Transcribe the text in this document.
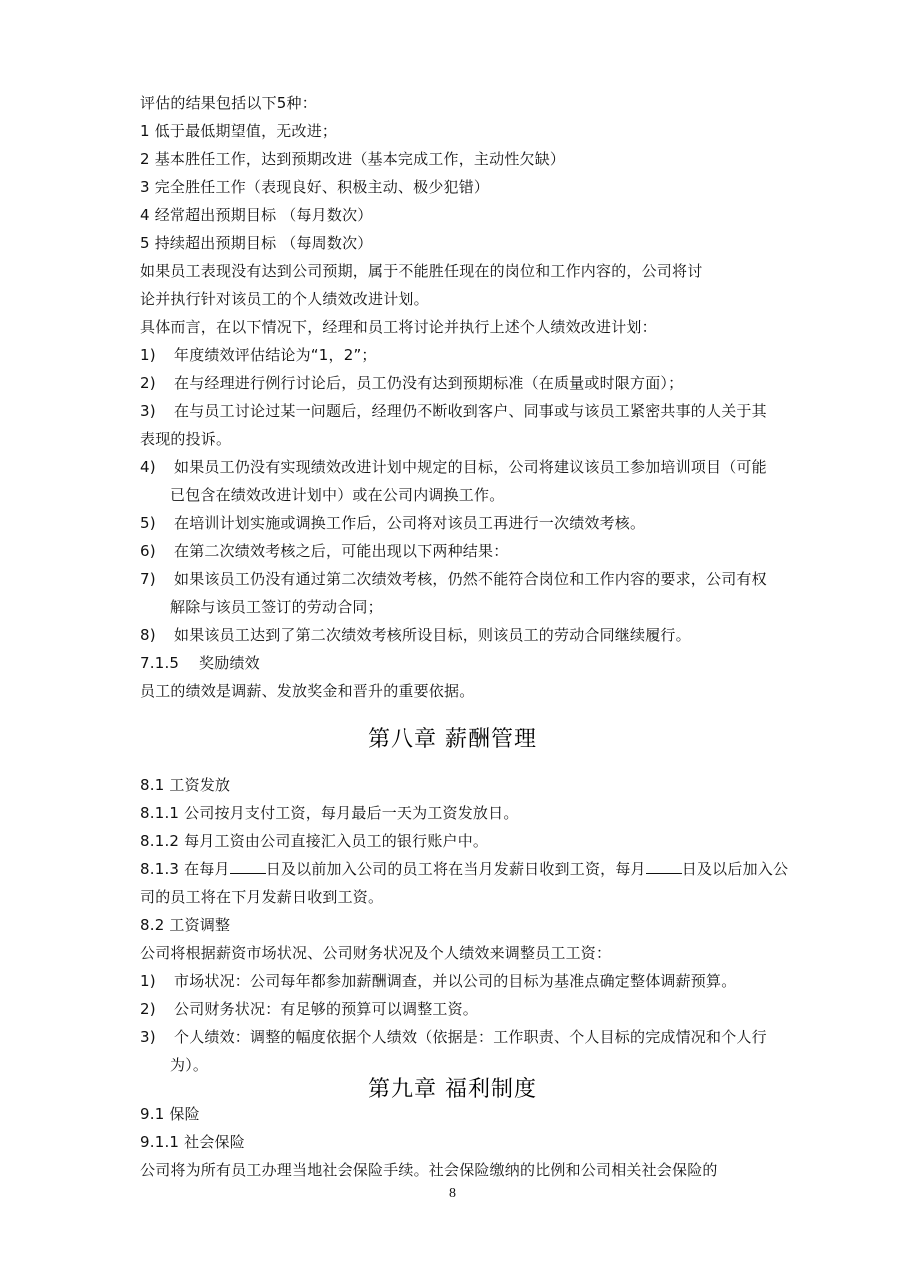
评估的结果包括以下5种：
1 低于最低期望值，无改进；
2 基本胜任工作，达到预期改进（基本完成工作，主动性欠缺）
3 完全胜任工作（表现良好、积极主动、极少犯错）
4 经常超出预期目标 （每月数次）
5 持续超出预期目标 （每周数次）
如果员工表现没有达到公司预期，属于不能胜任现在的岗位和工作内容的，公司将讨
论并执行针对该员工的个人绩效改进计划。
具体而言，在以下情况下，经理和员工将讨论并执行上述个人绩效改进计划：
1)	年度绩效评估结论为“1，2”；
2)	在与经理进行例行讨论后，员工仍没有达到预期标准（在质量或时限方面）；
3)	在与员工讨论过某一问题后，经理仍不断收到客户、同事或与该员工紧密共事的人关于其
表现的投诉。
4)	如果员工仍没有实现绩效改进计划中规定的目标，公司将建议该员工参加培训项目（可能
已包含在绩效改进计划中）或在公司内调换工作。
5)	在培训计划实施或调换工作后，公司将对该员工再进行一次绩效考核。
6)	在第二次绩效考核之后，可能出现以下两种结果：
7)	如果该员工仍没有通过第二次绩效考核，仍然不能符合岗位和工作内容的要求，公司有权
解除与该员工签订的劳动合同；
8)	如果该员工达到了第二次绩效考核所设目标，则该员工的劳动合同继续履行。
7.1.5    奖励绩效
员工的绩效是调薪、发放奖金和晋升的重要依据。
第八章 薪酬管理
8.1 工资发放
8.1.1 公司按月支付工资，每月最后一天为工资发放日。
8.1.2 每月工资由公司直接汇入员工的银行账户中。
8.1.3 在每月 日及以前加入公司的员工将在当月发薪日收到工资，每月 日及以后加入公
司的员工将在下月发薪日收到工资。
8.2 工资调整
公司将根据薪资市场状况、公司财务状况及个人绩效来调整员工工资：
1)	市场状况：公司每年都参加薪酬调查，并以公司的目标为基准点确定整体调薪预算。
2)	公司财务状况：有足够的预算可以调整工资。
3)	个人绩效：调整的幅度依据个人绩效（依据是：工作职责、个人目标的完成情况和个人行
为）。
第九章 福利制度
9.1 保险
9.1.1 社会保险
公司将为所有员工办理当地社会保险手续。社会保险缴纳的比例和公司相关社会保险的
8
